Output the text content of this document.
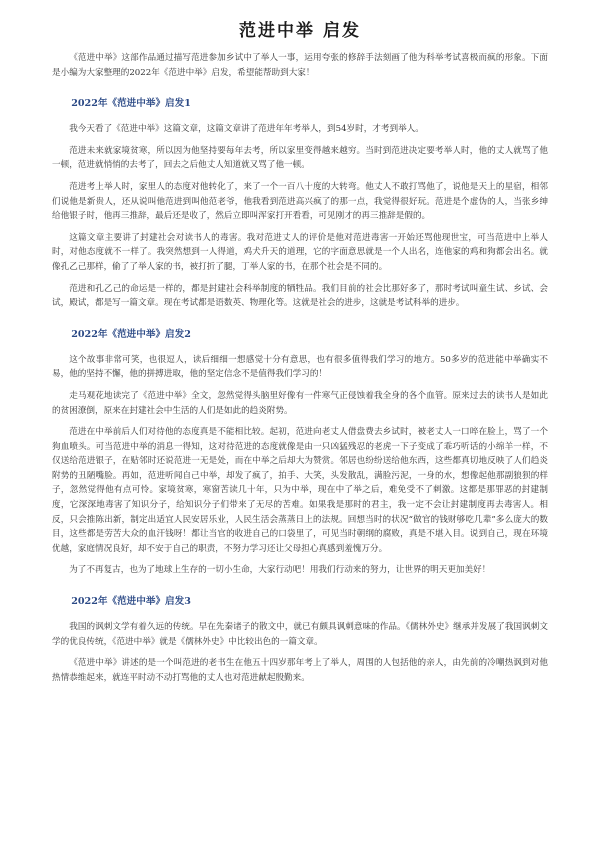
范进中举 启发

《范进中举》这部作品通过描写范进参加乡试中了举人一事，运用夸张的修辞手法刻画了他为科举考试喜极而疯的形象。下面是小编为大家整理的2022年《范进中举》启发，希望能帮助到大家！

2022年《范进中举》启发1

我今天看了《范进中举》这篇文章，这篇文章讲了范进年年考举人，到54岁时，才考到举人。

范进未来就家境贫寒，所以因为他坚持要每年去考，所以家里变得越来越穷。当时到范进决定要考举人时，他的丈人就骂了他一顿，范进就悄悄的去考了，回去之后他丈人知道就又骂了他一顿。

范进考上举人时，家里人的态度对他转化了，来了一个一百八十度的大转弯。他丈人不敢打骂他了，说他是天上的星宿，相邻们说他是新贵人，还从说叫他范进到叫他范老爷，他我看到范进高兴疯了的那一点，我觉得很好玩。范进是个虚伪的人，当张乡绅给他银子时，他再三推辞，最后还是收了，然后立即叫浑家打开看看，可见刚才的再三推辞是假的。

这篇文章主要讲了封建社会对读书人的毒害。我对范进丈人的评价是他对范进毒害一开始还骂他现世宝，可当范进中上举人时，对他态度就不一样了。我突然想到一人得道，鸡犬升天的道理，它的字面意思就是一个人出名，连他家的鸡和狗都会出名。就像孔乙己那样，偷了了举人家的书，被打折了腿，丁举人家的书，在那个社会是不同的。

范进和孔乙己的命运是一样的，都是封建社会科举制度的牺牲品。我们目前的社会比那好多了，那时考试叫童生试、乡试、会试，殿试，都是写一篇文章。现在考试都是语数英、物理化等。这就是社会的进步，这就是考试科举的进步。

2022年《范进中举》启发2

这个故事非常可笑，也很逗人，读后细细一想感觉十分有意思，也有很多值得我们学习的地方。50多岁的范进能中举确实不易，他的坚持不懈，他的拼搏进取，他的坚定信念不是值得我们学习的！

走马观花地读完了《范进中举》全文，忽然觉得头脑里好像有一件寒气正侵蚀着我全身的各个血管。原来过去的读书人是如此的贫困潦倒，原来在封建社会中生活的人们是如此的趋炎附势。

范进在中举前后人们对待他的态度真是不能相比较。起初，范进向老丈人借盘费去乡试时，被老丈人一口啐在脸上，骂了一个狗血喷头。可当范进中举的消息一得知，这对待范进的态度就像是由一只凶猛残忍的老虎一下子变成了乖巧听话的小绵羊一样，不仅送给范进银子，在贴邻时还说范进一无是处，而在中举之后却大为赞赏。邻居也纷纷送给他东西，这些都真切地反映了人们趋炎附势的丑陋嘴脸。再如，范进听闻自己中举，却发了疯了，拍手、大笑，头发散乱，满脸污泥，一身的水，想像起他那副狼狈的样子，忽然觉得他有点可怜。家境贫寒，寒窗苦读几十年，只为中举，现在中了举之后，难免受不了刺激。这都是那罪恶的封建制度，它深深地毒害了知识分子，给知识分子们带来了无尽的苦难。如果我是那时的君主，我一定不会让封建制度再去毒害人。相反，只会推陈出新，制定出适宜人民安居乐业，人民生活会蒸蒸日上的法规。回想当时的状况“做官的钱财够吃几辈”多么庞大的数目，这些都是劳苦大众的血汗钱呀！都让当官的收进自己的口袋里了，可见当时朝纲的腐败，真是不堪入目。说到自己，现在环境优越，家庭情况良好，却不安于自己的职责，不努力学习还让父母担心真感到羞愧万分。

为了不再复古，也为了地球上生存的一切小生命，大家行动吧！用我们行动来的努力，让世界的明天更加美好！

2022年《范进中举》启发3

我国的讽刺文学有着久远的传统。早在先秦诸子的散文中，就已有颇具讽刺意味的作品。《儒林外史》继承并发展了我国讽刺文学的优良传统，《范进中举》就是《儒林外史》中比较出色的一篇文章。

《范进中举》讲述的是一个叫范进的老书生在他五十四岁那年考上了举人，周围的人包括他的亲人，由先前的冷嘲热讽到对他热情恭维起来，就连平时动不动打骂他的丈人也对范进献起殷勤来。
